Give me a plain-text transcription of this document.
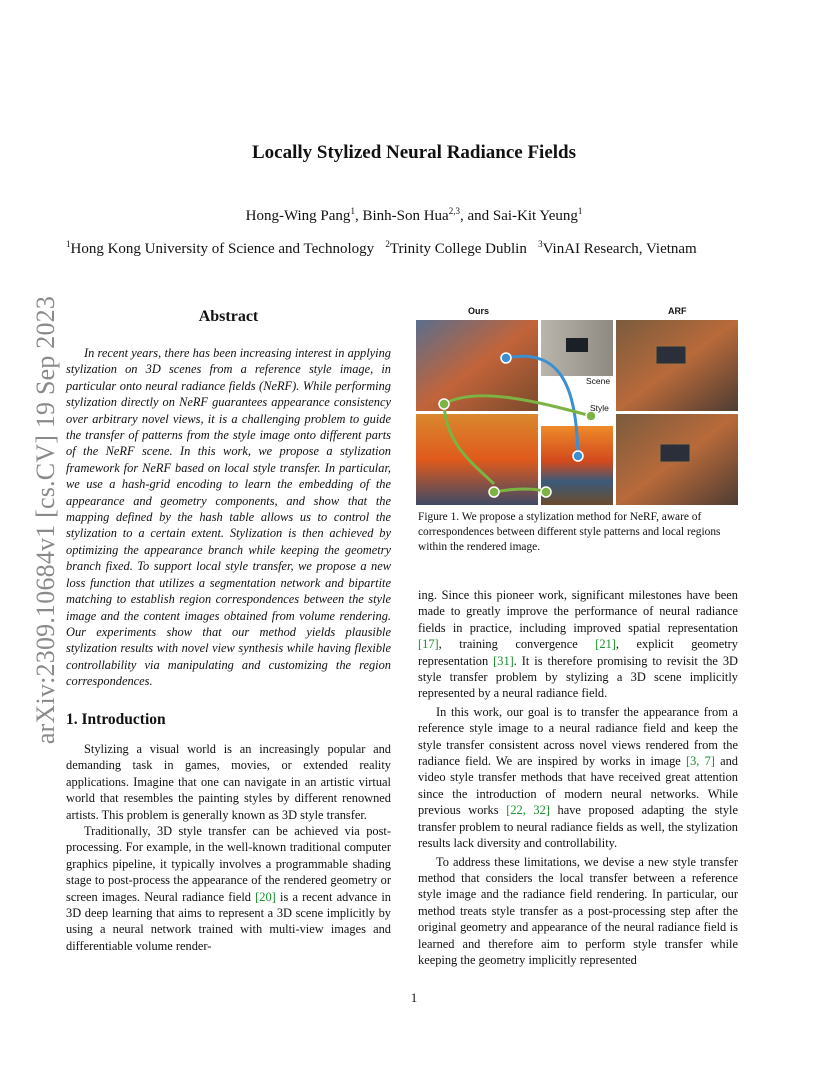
arXiv:2309.10684v1 [cs.CV] 19 Sep 2023
Locally Stylized Neural Radiance Fields
Hong-Wing Pang$^1$, Binh-Son Hua$^{2,3}$, and Sai-Kit Yeung$^1$
$^1$Hong Kong University of Science and Technology $^2$Trinity College Dublin $^3$VinAI Research, Vietnam
Abstract

In recent years, there has been increasing interest in applying stylization on 3D scenes from a reference style image, in particular onto neural radiance fields (NeRF). While performing stylization directly on NeRF guarantees appearance consistency over arbitrary novel views, it is a challenging problem to guide the transfer of patterns from the style image onto different parts of the NeRF scene. In this work, we propose a stylization framework for NeRF based on local style transfer. In particular, we use a hash-grid encoding to learn the embedding of the appearance and geometry components, and show that the mapping defined by the hash table allows us to control the stylization to a certain extent. Stylization is then achieved by optimizing the appearance branch while keeping the geometry branch fixed. To support local style transfer, we propose a new loss function that utilizes a segmentation network and bipartite matching to establish region correspondences between the style image and the content images obtained from volume rendering. Our experiments show that our method yields plausible stylization results with novel view synthesis while having flexible controllability via manipulating and customizing the region correspondences.

1. Introduction

Stylizing a visual world is an increasingly popular and demanding task in games, movies, or extended reality applications. Imagine that one can navigate in an artistic virtual world that resembles the painting styles by different renowned artists. This problem is generally known as 3D style transfer.

Traditionally, 3D style transfer can be achieved via post-processing. For example, in the well-known traditional computer graphics pipeline, it typically involves a programmable shading stage to post-process the appearance of the rendered geometry or screen images. Neural radiance field [20] is a recent advance in 3D deep learning that aims to represent a 3D scene implicitly by using a neural network trained with multi-view images and differentiable volume render-

Ours	ARF
Scene
Style
Figure 1. We propose a stylization method for NeRF, aware of correspondences between different style patterns and local regions within the rendered image.

ing. Since this pioneer work, significant milestones have been made to greatly improve the performance of neural radiance fields in practice, including improved spatial representation [17], training convergence [21], explicit geometry representation [31]. It is therefore promising to revisit the 3D style transfer problem by stylizing a 3D scene implicitly represented by a neural radiance field.

In this work, our goal is to transfer the appearance from a reference style image to a neural radiance field and keep the style transfer consistent across novel views rendered from the radiance field. We are inspired by works in image [3, 7] and video style transfer methods that have received great attention since the introduction of modern neural networks. While previous works [22, 32] have proposed adapting the style transfer problem to neural radiance fields as well, the stylization results lack diversity and controllability.

To address these limitations, we devise a new style transfer method that considers the local transfer between a reference style image and the radiance field rendering. In particular, our method treats style transfer as a post-processing step after the original geometry and appearance of the neural radiance field is learned and therefore aim to perform style transfer while keeping the geometry implicitly represented

1
